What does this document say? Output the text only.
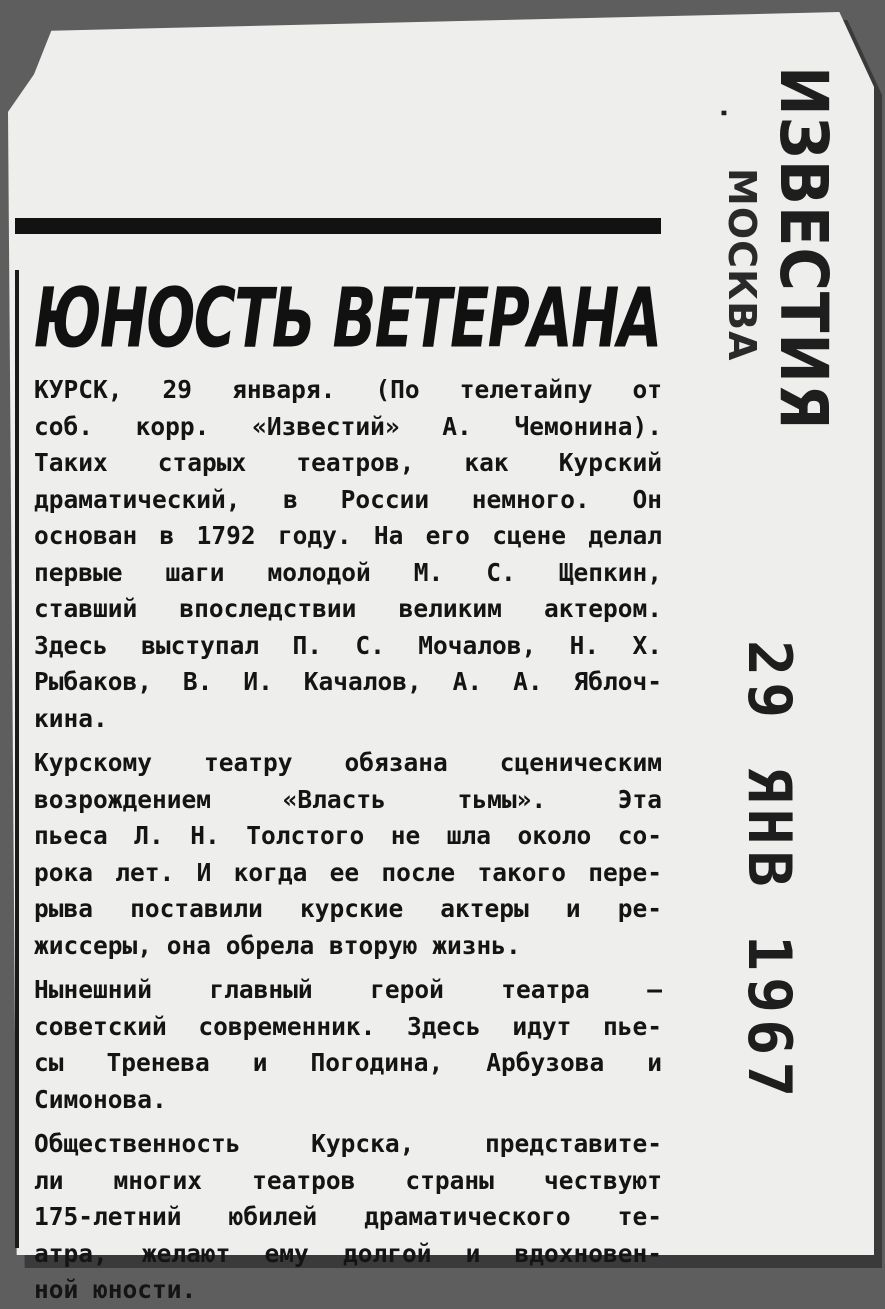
ЮНОСТЬ ВЕТЕРАНА

КУРСК, 29 января. (По телетайпу от
соб. корр. «Известий» А. Чемонина).
Таких старых театров, как Курский
драматический, в России немного. Он
основан в 1792 году. На его сцене делал
первые шаги молодой М. С. Щепкин,
ставший впоследствии великим актером.
Здесь выступал П. С. Мочалов, Н. Х.
Рыбаков, В. И. Качалов, А. А. Яблоч-
кина.

Курскому театру обязана сценическим
возрождением «Власть тьмы». Эта
пьеса Л. Н. Толстого не шла около со-
рока лет. И когда ее после такого пере-
рыва поставили курские актеры и ре-
жиссеры, она обрела вторую жизнь.

Нынешний главный герой театра —
советский современник. Здесь идут пье-
сы Тренева и Погодина, Арбузова и
Симонова.

Общественность Курска, представите-
ли многих театров страны чествуют
175-летний юбилей драматического те-
атра, желают ему долгой и вдохновен-
ной юности.

ИЗВЕСТИЯ
·
МОСКВА
29 ЯНВ 1967
